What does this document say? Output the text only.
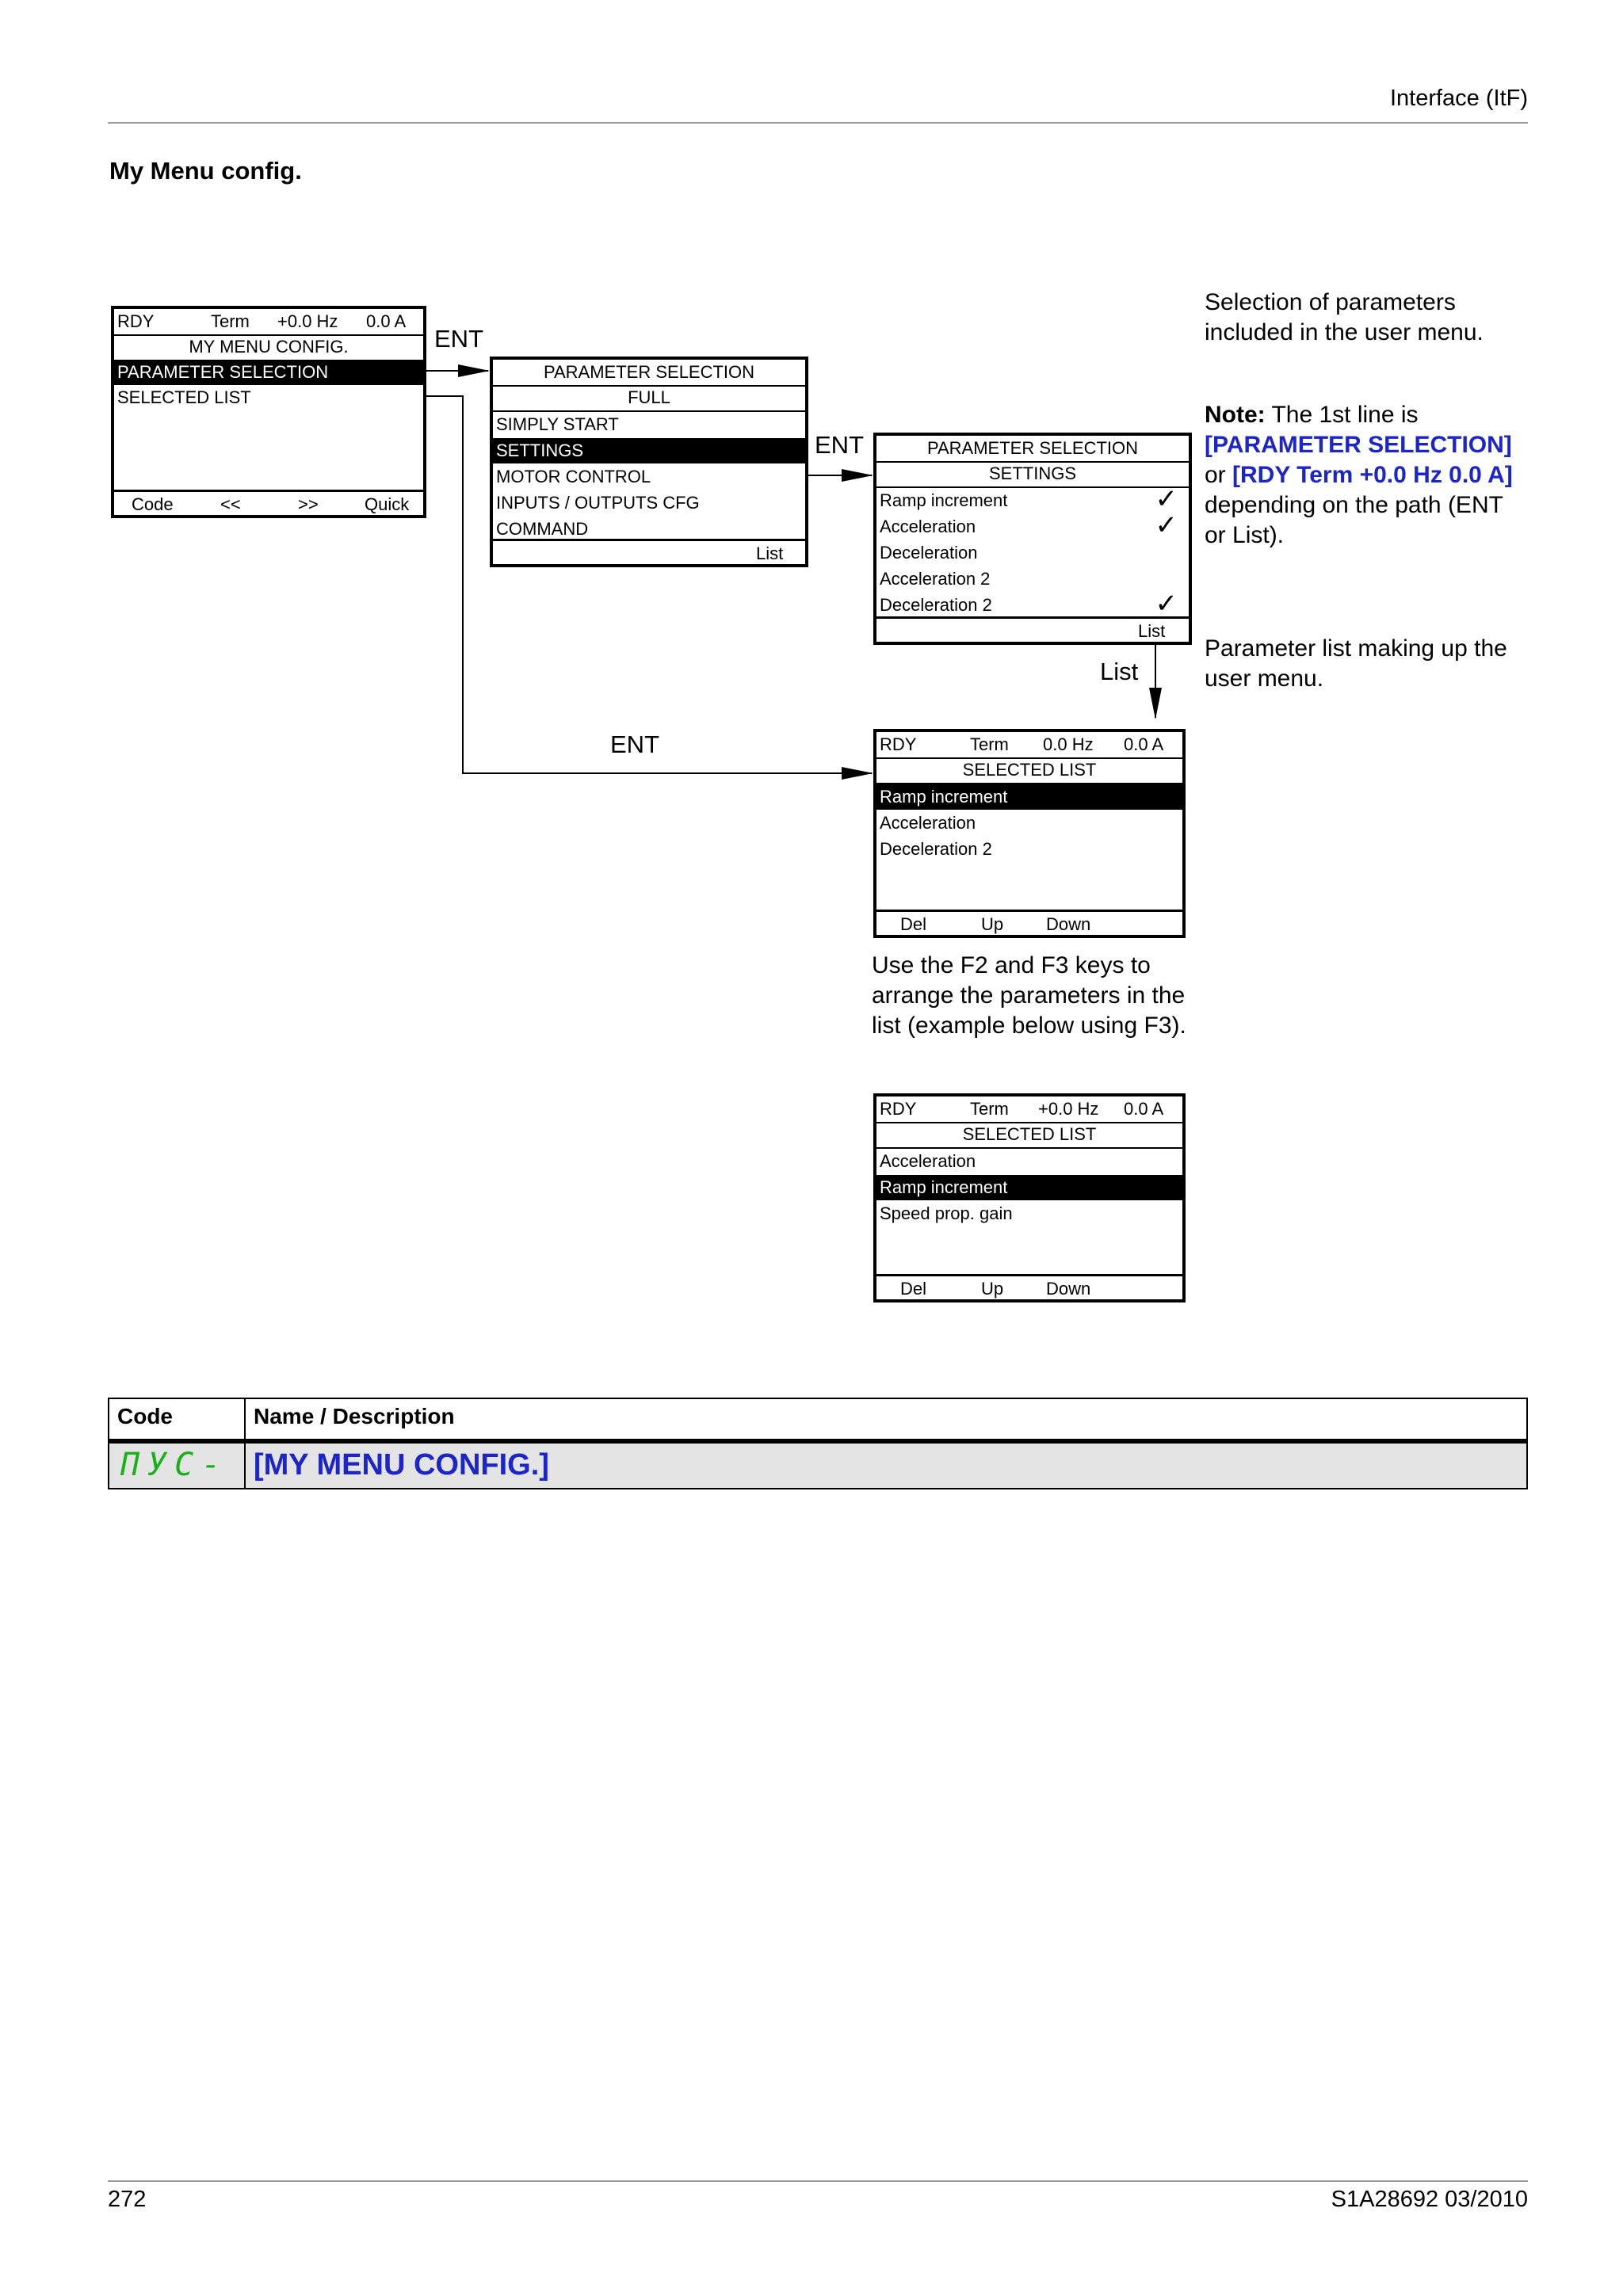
Interface (ItF)
My Menu config.
RDY	Term +0.0 Hz 0.0 A
MY MENU CONFIG.
PARAMETER SELECTION
SELECTED LIST
Code	<<	>>	Quick
ENT
PARAMETER SELECTION
FULL
SIMPLY START
SETTINGS
MOTOR CONTROL
INPUTS / OUTPUTS CFG
COMMAND
List
ENT	PARAMETER SELECTION
SETTINGS
Ramp increment	✓
Acceleration	✓
Deceleration
Acceleration 2
Deceleration 2	✓
List
List
ENT	RDY	Term 0.0 Hz 0.0 A
SELECTED LIST
Ramp increment
Acceleration
Deceleration 2
Del	Up Down
RDY	Term +0.0 Hz 0.0 A
SELECTED LIST
Acceleration
Ramp increment
Speed prop. gain
Del	Up Down
Selection of parameters included in the user menu.
Note: The 1st line is [PARAMETER SELECTION] or [RDY Term +0.0 Hz 0.0 A] depending on the path (ENT or List).
Parameter list making up the user menu.
Use the F2 and F3 keys to arrange the parameters in the list (example below using F3).
Code	Name / Description
ΠУC- [MY MENU CONFIG.]
272	S1A28692 03/2010
